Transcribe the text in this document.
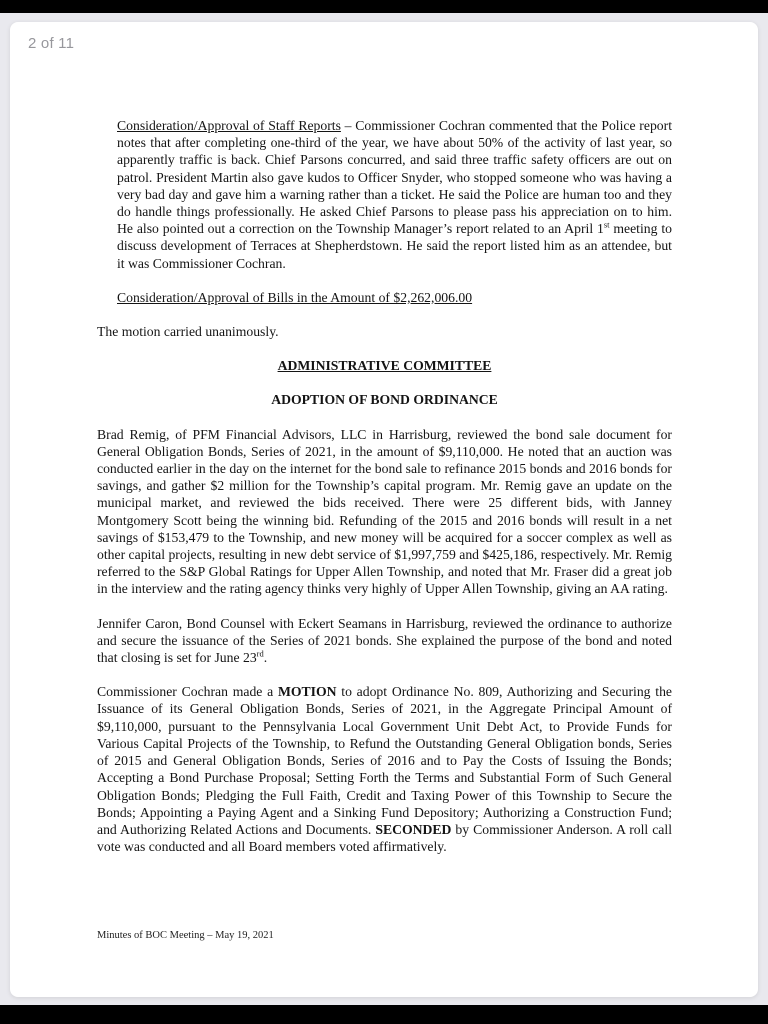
2 of 11

Consideration/Approval of Staff Reports – Commissioner Cochran commented that the Police report notes that after completing one-third of the year, we have about 50% of the activity of last year, so apparently traffic is back. Chief Parsons concurred, and said three traffic safety officers are out on patrol. President Martin also gave kudos to Officer Snyder, who stopped someone who was having a very bad day and gave him a warning rather than a ticket. He said the Police are human too and they do handle things professionally. He asked Chief Parsons to please pass his appreciation on to him. He also pointed out a correction on the Township Manager’s report related to an April 1st meeting to discuss development of Terraces at Shepherdstown. He said the report listed him as an attendee, but it was Commissioner Cochran.

Consideration/Approval of Bills in the Amount of $2,262,006.00

The motion carried unanimously.

ADMINISTRATIVE COMMITTEE

ADOPTION OF BOND ORDINANCE

Brad Remig, of PFM Financial Advisors, LLC in Harrisburg, reviewed the bond sale document for General Obligation Bonds, Series of 2021, in the amount of $9,110,000. He noted that an auction was conducted earlier in the day on the internet for the bond sale to refinance 2015 bonds and 2016 bonds for savings, and gather $2 million for the Township’s capital program. Mr. Remig gave an update on the municipal market, and reviewed the bids received. There were 25 different bids, with Janney Montgomery Scott being the winning bid. Refunding of the 2015 and 2016 bonds will result in a net savings of $153,479 to the Township, and new money will be acquired for a soccer complex as well as other capital projects, resulting in new debt service of $1,997,759 and $425,186, respectively. Mr. Remig referred to the S&P Global Ratings for Upper Allen Township, and noted that Mr. Fraser did a great job in the interview and the rating agency thinks very highly of Upper Allen Township, giving an AA rating.

Jennifer Caron, Bond Counsel with Eckert Seamans in Harrisburg, reviewed the ordinance to authorize and secure the issuance of the Series of 2021 bonds. She explained the purpose of the bond and noted that closing is set for June 23rd.

Commissioner Cochran made a MOTION to adopt Ordinance No. 809, Authorizing and Securing the Issuance of its General Obligation Bonds, Series of 2021, in the Aggregate Principal Amount of $9,110,000, pursuant to the Pennsylvania Local Government Unit Debt Act, to Provide Funds for Various Capital Projects of the Township, to Refund the Outstanding General Obligation bonds, Series of 2015 and General Obligation Bonds, Series of 2016 and to Pay the Costs of Issuing the Bonds; Accepting a Bond Purchase Proposal; Setting Forth the Terms and Substantial Form of Such General Obligation Bonds; Pledging the Full Faith, Credit and Taxing Power of this Township to Secure the Bonds; Appointing a Paying Agent and a Sinking Fund Depository; Authorizing a Construction Fund; and Authorizing Related Actions and Documents. SECONDED by Commissioner Anderson. A roll call vote was conducted and all Board members voted affirmatively.

Minutes of BOC Meeting – May 19, 2021
